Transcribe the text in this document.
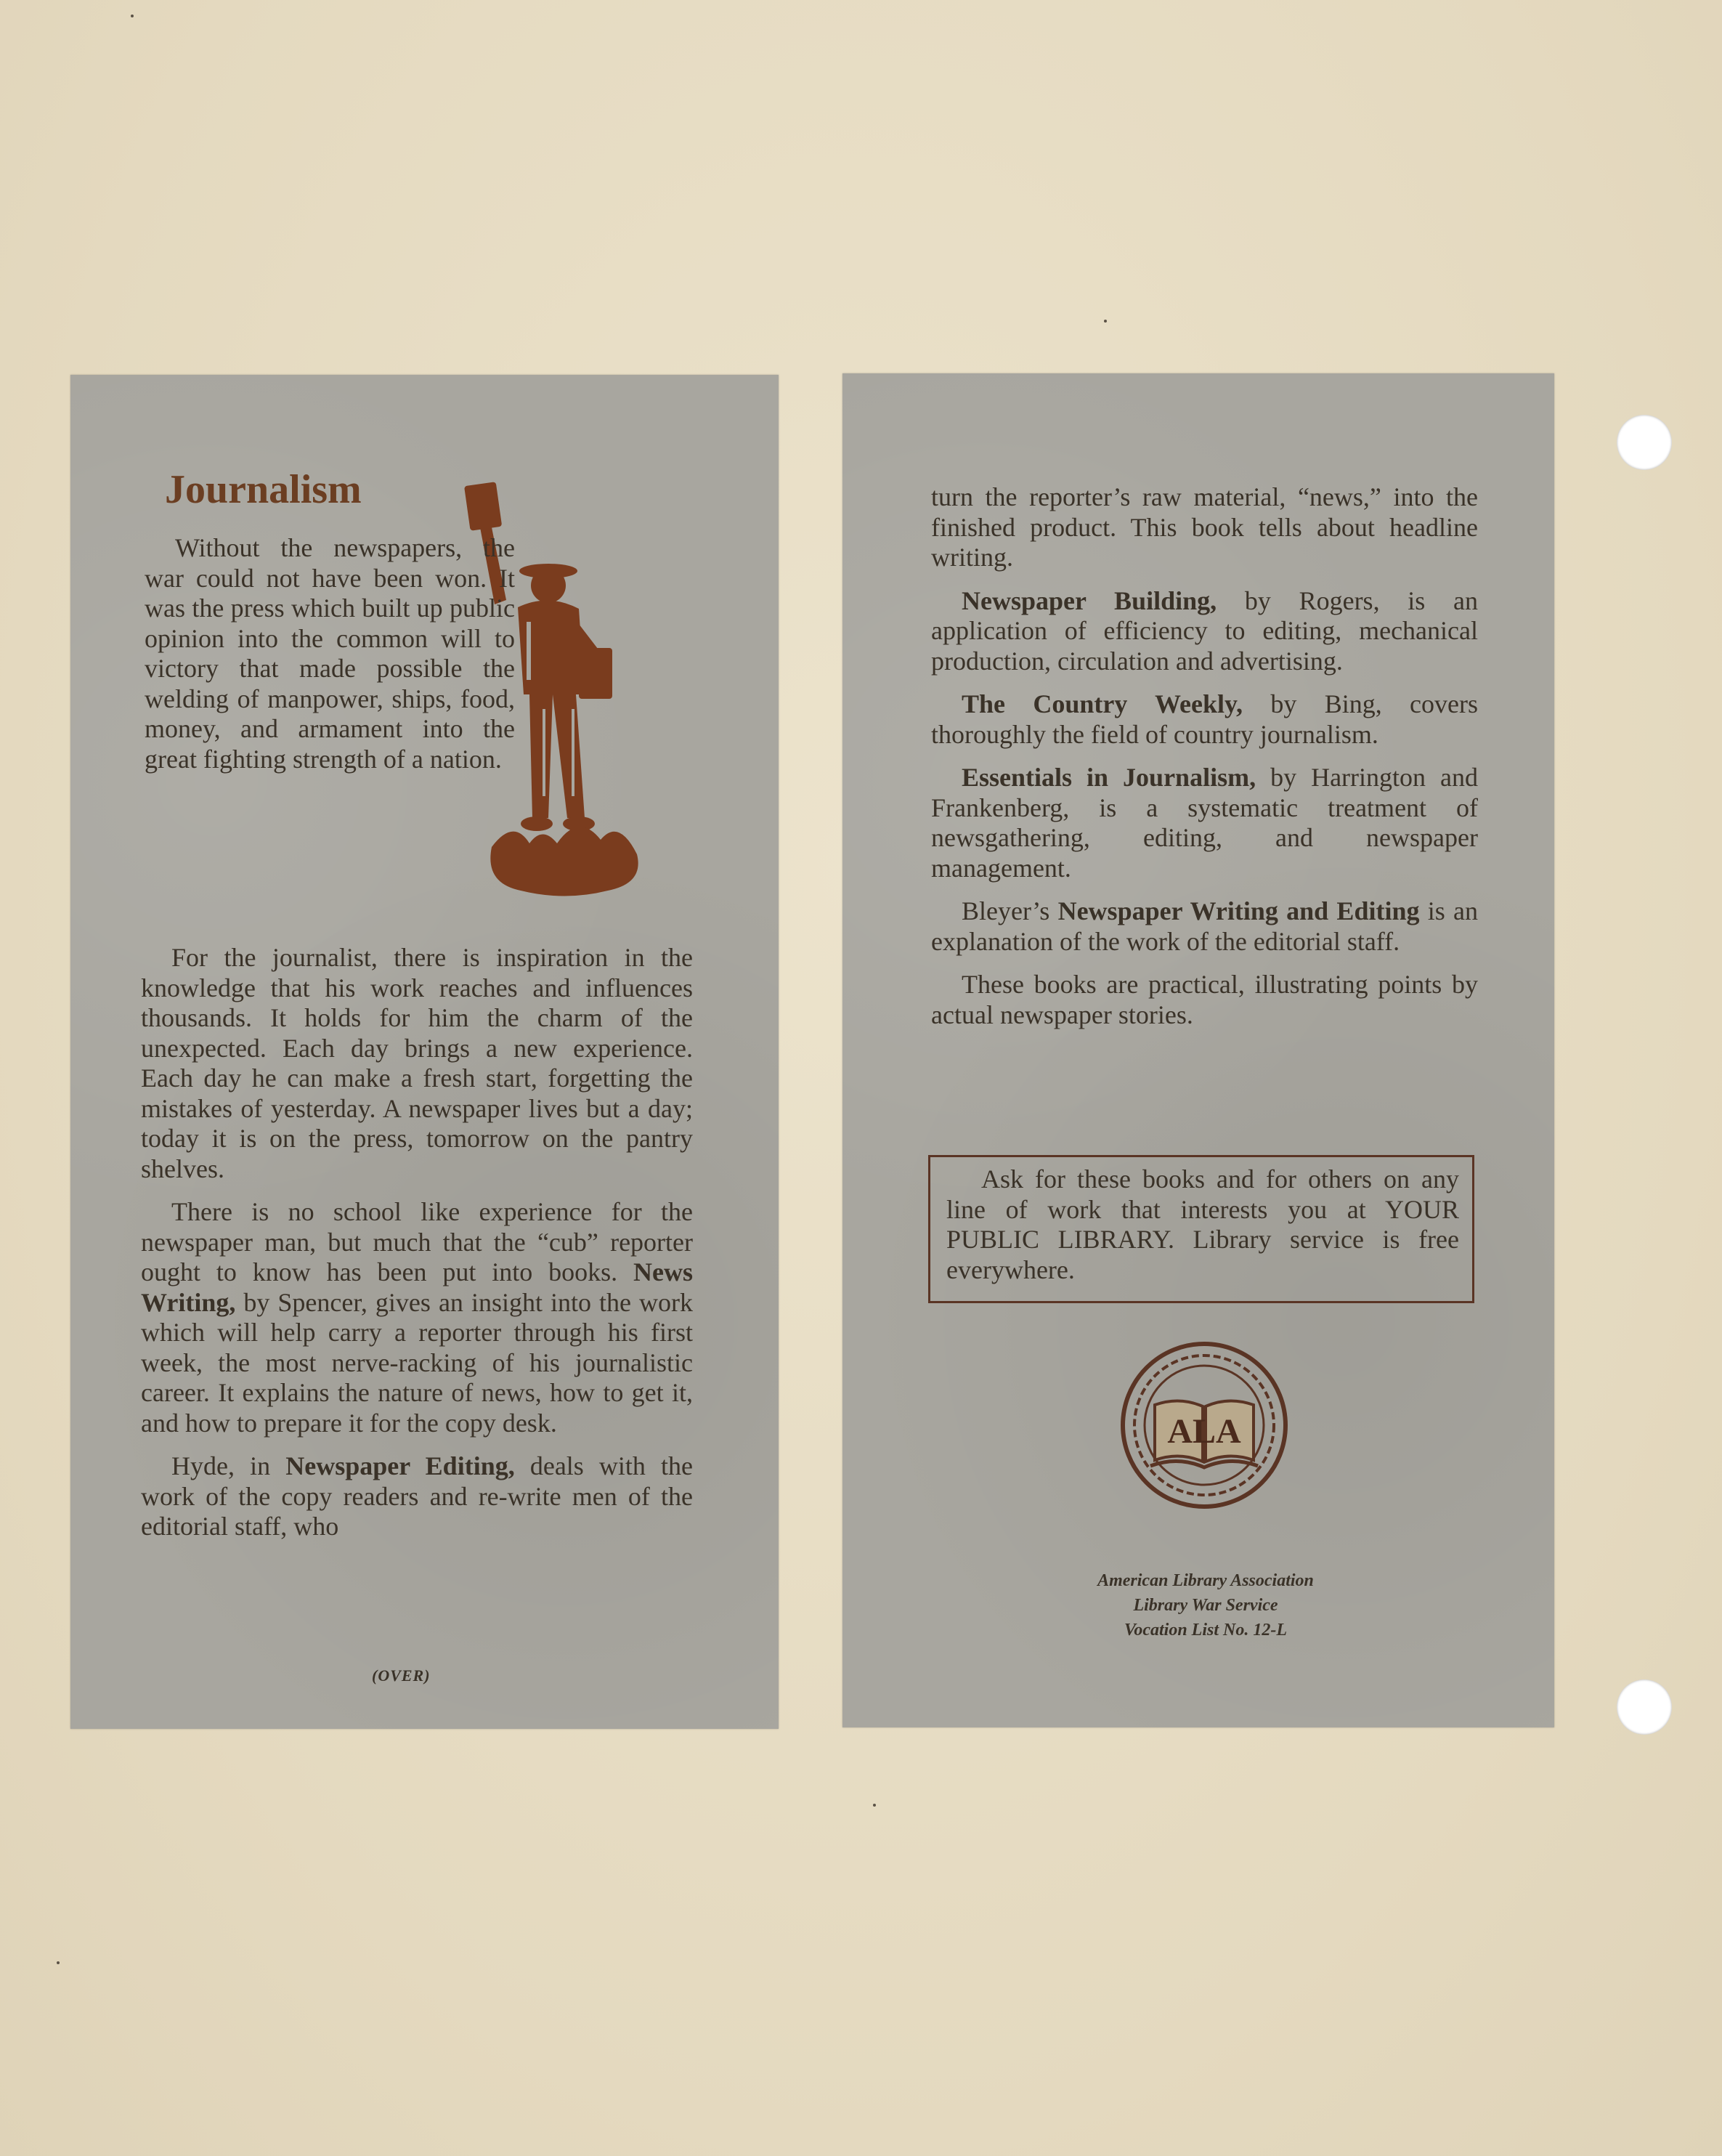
Journalism

Without the newspapers, the war could not have been won. It was the press which built up public opinion into the common will to victory that made possible the welding of manpower, ships, food, money, and armament into the great fighting strength of a nation.

For the journalist, there is inspiration in the knowledge that his work reaches and influences thousands. It holds for him the charm of the unexpected. Each day brings a new experience. Each day he can make a fresh start, forgetting the mistakes of yesterday. A newspaper lives but a day; today it is on the press, tomorrow on the pantry shelves.

There is no school like experience for the newspaper man, but much that the “cub” reporter ought to know has been put into books. News Writing, by Spencer, gives an insight into the work which will help carry a reporter through his first week, the most nerve-racking of his journalistic career. It explains the nature of news, how to get it, and how to prepare it for the copy desk.

Hyde, in Newspaper Editing, deals with the work of the copy readers and re-write men of the editorial staff, who

(OVER)

turn the reporter’s raw material, “news,” into the finished product. This book tells about headline writing.

Newspaper Building, by Rogers, is an application of efficiency to editing, mechanical production, circulation and advertising.

The Country Weekly, by Bing, covers thoroughly the field of country journalism.

Essentials in Journalism, by Harrington and Frankenberg, is a systematic treatment of newsgathering, editing, and newspaper management.

Bleyer’s Newspaper Writing and Editing is an explanation of the work of the editorial staff.

These books are practical, illustrating points by actual newspaper stories.

Ask for these books and for others on any line of work that interests you at YOUR PUBLIC LIBRARY. Library service is free everywhere.

ALA
American Library Association
Library War Service
Vocation List No. 12-L
